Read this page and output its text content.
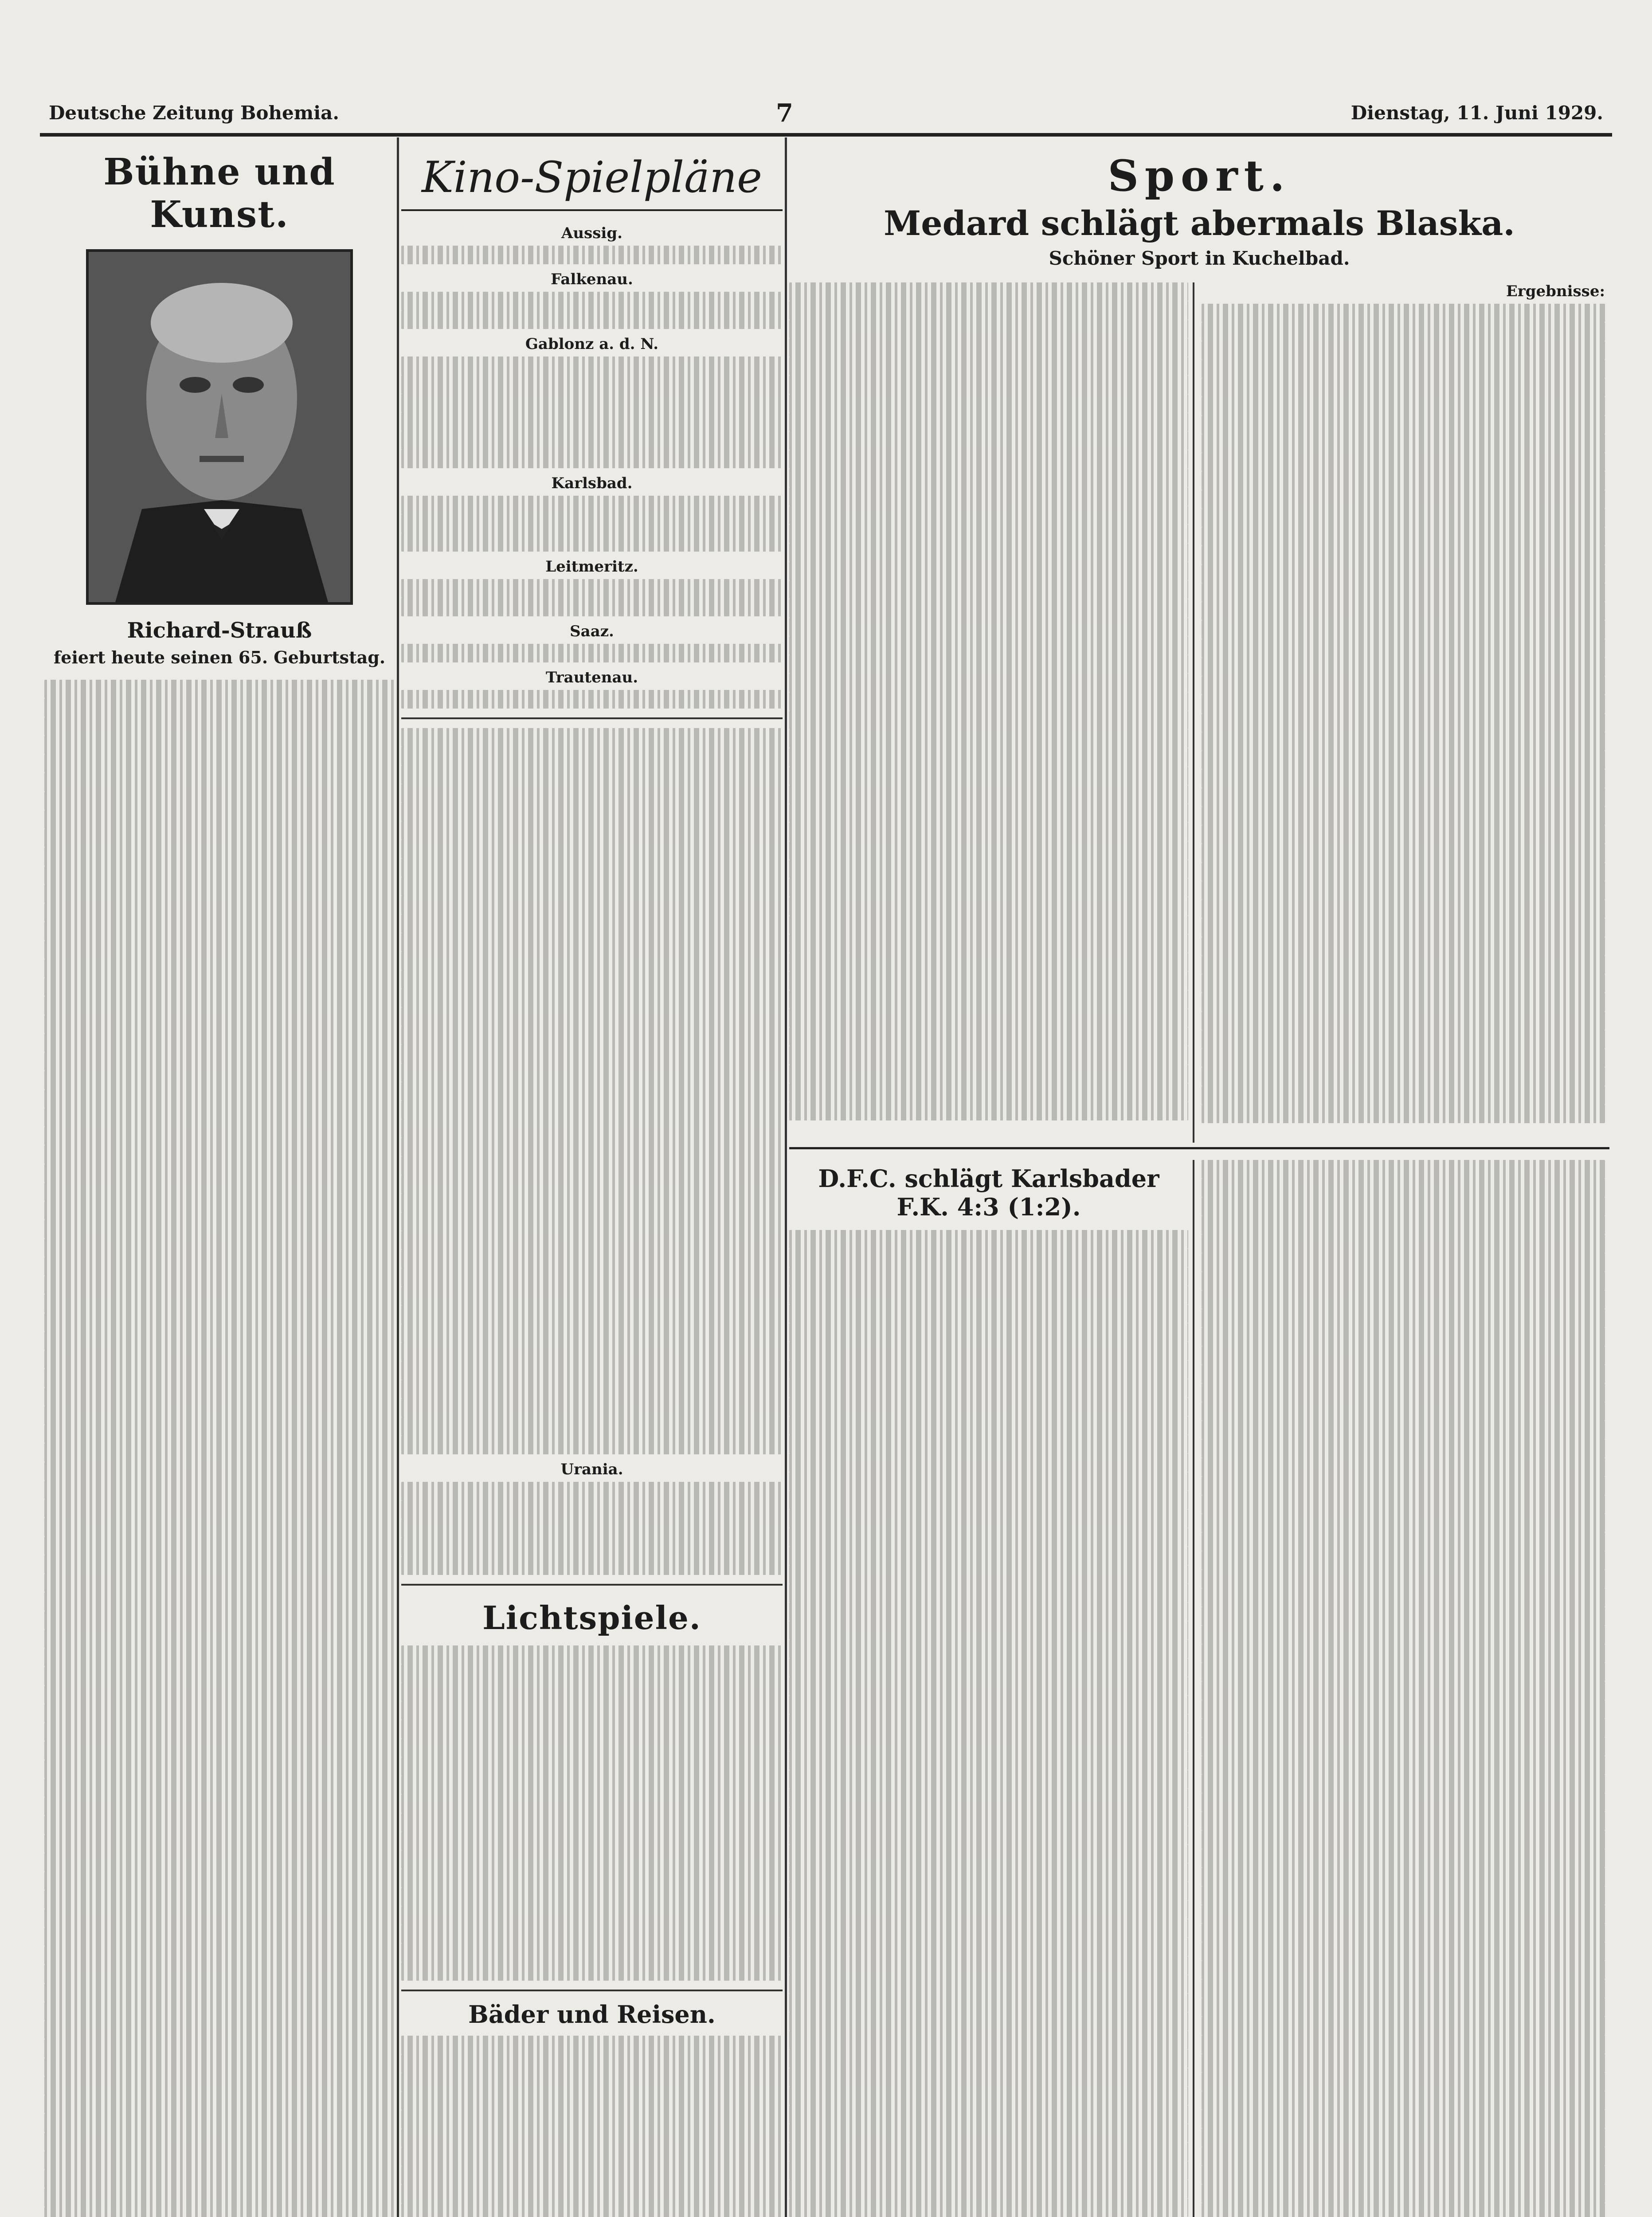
Deutsche Zeitung Bohemia.	7	Dienstag, 11. Juni 1929.
Bühne und Kunst.
Richard-Strauß
feiert heute seinen 65. Geburtstag.
Kino-Spielpläne
Aussig.
Falkenau.
Gablonz a. d. N.
Karlsbad.
Leitmeritz.
Saaz.
Trautenau.
Urania.
Lichtspiele.
Bäder und Reisen.
Sport.
Medard schlägt abermals Blaska.
Schöner Sport in Kuchelbad.
Ergebnisse:
D.F.C. schlägt Karlsbader F.K. 4:3 (1:2).
